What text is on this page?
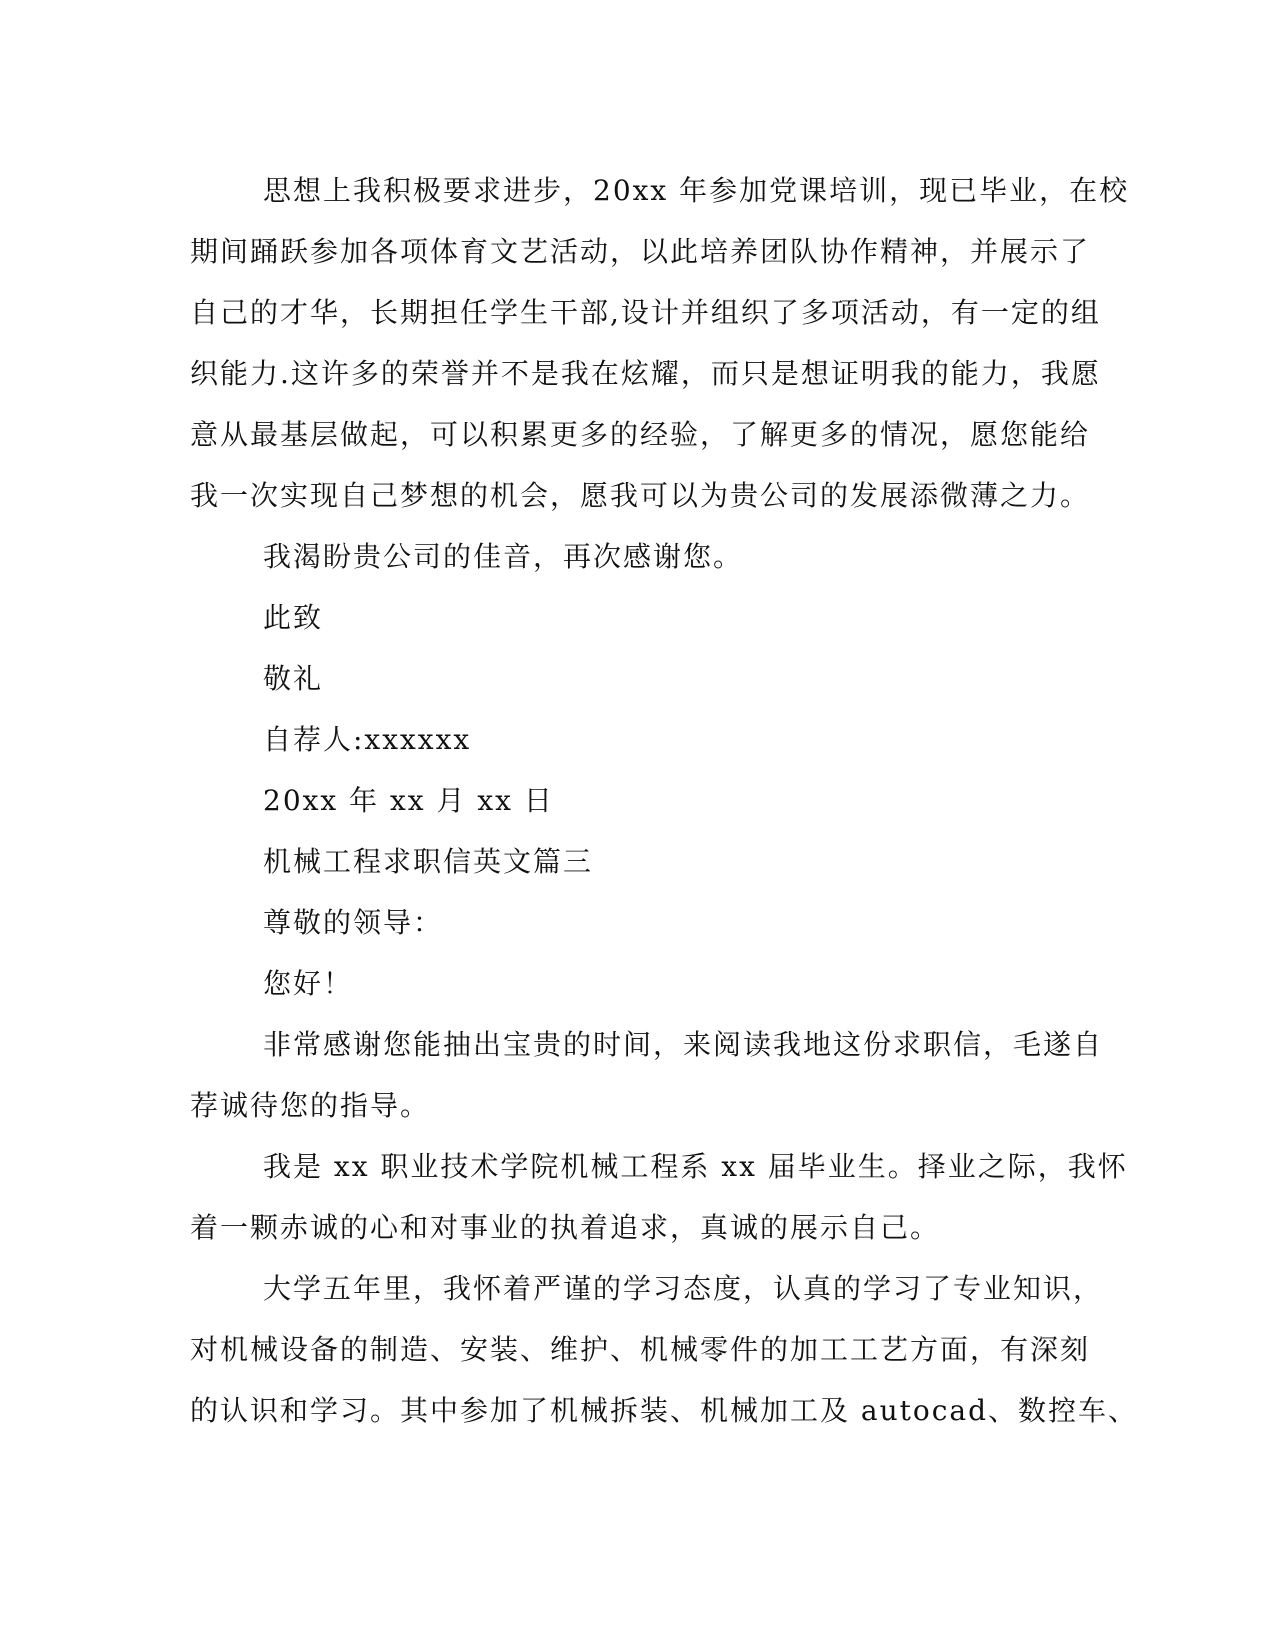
思想上我积极要求进步，20xx 年参加党课培训，现已毕业，在校
期间踊跃参加各项体育文艺活动，以此培养团队协作精神，并展示了
自己的才华，长期担任学生干部,设计并组织了多项活动，有一定的组
织能力.这许多的荣誉并不是我在炫耀，而只是想证明我的能力，我愿
意从最基层做起，可以积累更多的经验，了解更多的情况，愿您能给
我一次实现自己梦想的机会，愿我可以为贵公司的发展添微薄之力。
我渴盼贵公司的佳音，再次感谢您。
此致
敬礼
自荐人:xxxxxx
20xx 年 xx 月 xx 日
机械工程求职信英文篇三
尊敬的领导：
您好！
非常感谢您能抽出宝贵的时间，来阅读我地这份求职信，毛遂自
荐诚待您的指导。
我是 xx 职业技术学院机械工程系 xx 届毕业生。择业之际，我怀
着一颗赤诚的心和对事业的执着追求，真诚的展示自己。
大学五年里，我怀着严谨的学习态度，认真的学习了专业知识，
对机械设备的制造、安装、维护、机械零件的加工工艺方面，有深刻
的认识和学习。其中参加了机械拆装、机械加工及 autocad、数控车、
